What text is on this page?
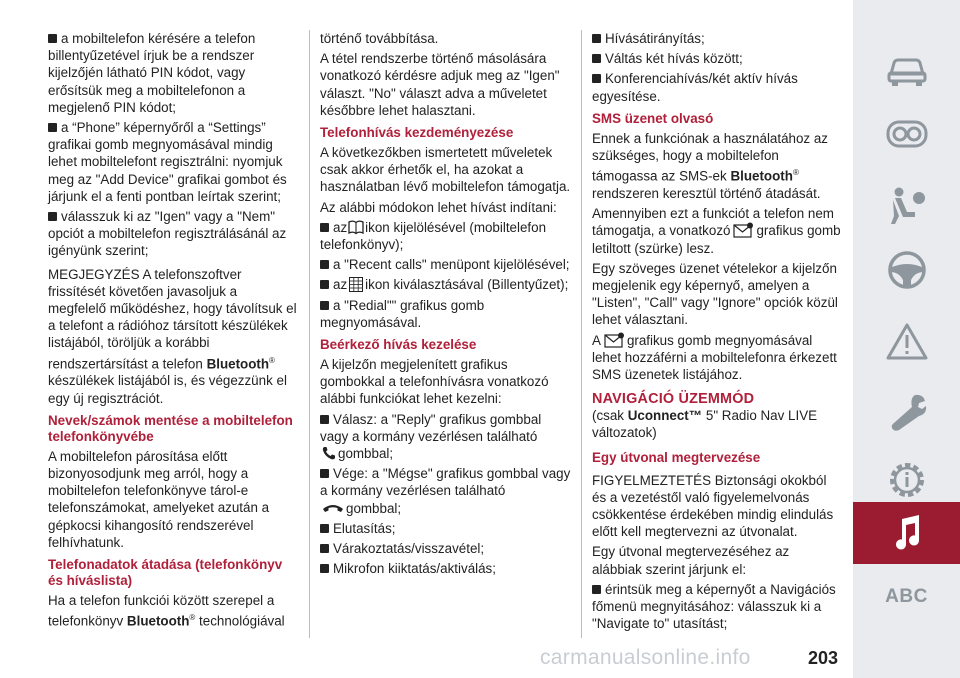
a mobiltelefon kérésére a telefon billentyűzetével írjuk be a rendszer kijelzőjén látható PIN kódot, vagy erősítsük meg a mobiltelefonon a megjelenő PIN kódot;

a “Phone” képernyőről a “Settings” grafikai gomb megnyomásával mindig lehet mobiltelefont regisztrálni: nyomjuk meg az "Add Device" grafikai gombot és járjunk el a fenti pontban leírtak szerint;

válasszuk ki az "Igen" vagy a "Nem" opciót a mobiltelefon regisztrálásánál az igényünk szerint;

MEGJEGYZÉS A telefonszoftver frissítését követően javasoljuk a megfelelő működéshez, hogy távolítsuk el a telefont a rádióhoz társított készülékek listájából, töröljük a korábbi rendszertársítást a telefon Bluetooth® készülékek listájából is, és végezzünk el egy új regisztrációt.

Nevek/számok mentése a mobiltelefon telefonkönyvébe

A mobiltelefon párosítása előtt bizonyosodjunk meg arról, hogy a mobiltelefon telefonkönyve tárol-e telefonszámokat, amelyeket azután a gépkocsi kihangosító rendszerével felhívhatunk.

Telefonadatok átadása (telefonkönyv és híváslista)

Ha a telefon funkciói között szerepel a telefonkönyv Bluetooth® technológiával

történő továbbítása.

A tétel rendszerbe történő másolására vonatkozó kérdésre adjuk meg az "Igen" választ. "No" választ adva a műveletet későbbre lehet halasztani.

Telefonhívás kezdeményezése

A következőkben ismertetett műveletek csak akkor érhetők el, ha azokat a használatban lévő mobiltelefon támogatja.

Az alábbi módokon lehet hívást indítani:

az ikon kijelölésével (mobiltelefon telefonkönyv);

a "Recent calls" menüpont kijelölésével;

az ikon kiválasztásával (Billentyűzet);

a "Redial"" grafikus gomb megnyomásával.

Beérkező hívás kezelése

A kijelzőn megjelenített grafikus gombokkal a telefonhívásra vonatkozó alábbi funkciókat lehet kezelni:

Válasz: a "Reply" grafikus gombbal vagy a kormány vezérlésen található
gombbal;

Vége: a "Mégse" grafikus gombbal vagy a kormány vezérlésen található
gombbal;

Elutasítás;

Várakoztatás/visszavétel;

Mikrofon kiiktatás/aktiválás;

Hívásátirányítás;

Váltás két hívás között;

Konferenciahívás/két aktív hívás egyesítése.

SMS üzenet olvasó

Ennek a funkciónak a használatához az szükséges, hogy a mobiltelefon támogassa az SMS-ek Bluetooth® rendszeren keresztül történő átadását.

Amennyiben ezt a funkciót a telefon nem támogatja, a vonatkozó grafikus gomb letiltott (szürke) lesz.

Egy szöveges üzenet vételekor a kijelzőn megjelenik egy képernyő, amelyen a "Listen", "Call" vagy "Ignore" opciók közül lehet választani.

A grafikus gomb megnyomásával lehet hozzáférni a mobiltelefonra érkezett SMS üzenetek listájához.

NAVIGÁCIÓ ÜZEMMÓD

(csak Uconnect™ 5" Radio Nav LIVE változatok)

Egy útvonal megtervezése

FIGYELMEZTETÉS Biztonsági okokból és a vezetéstől való figyelemelvonás csökkentése érdekében mindig elindulás előtt kell megtervezni az útvonalat.

Egy útvonal megtervezéséhez az alábbiak szerint járjunk el:

érintsük meg a képernyőt a Navigációs főmenü megnyitásához: válasszuk ki a "Navigate to" utasítást;

carmanualsonline.info	203
ABC
